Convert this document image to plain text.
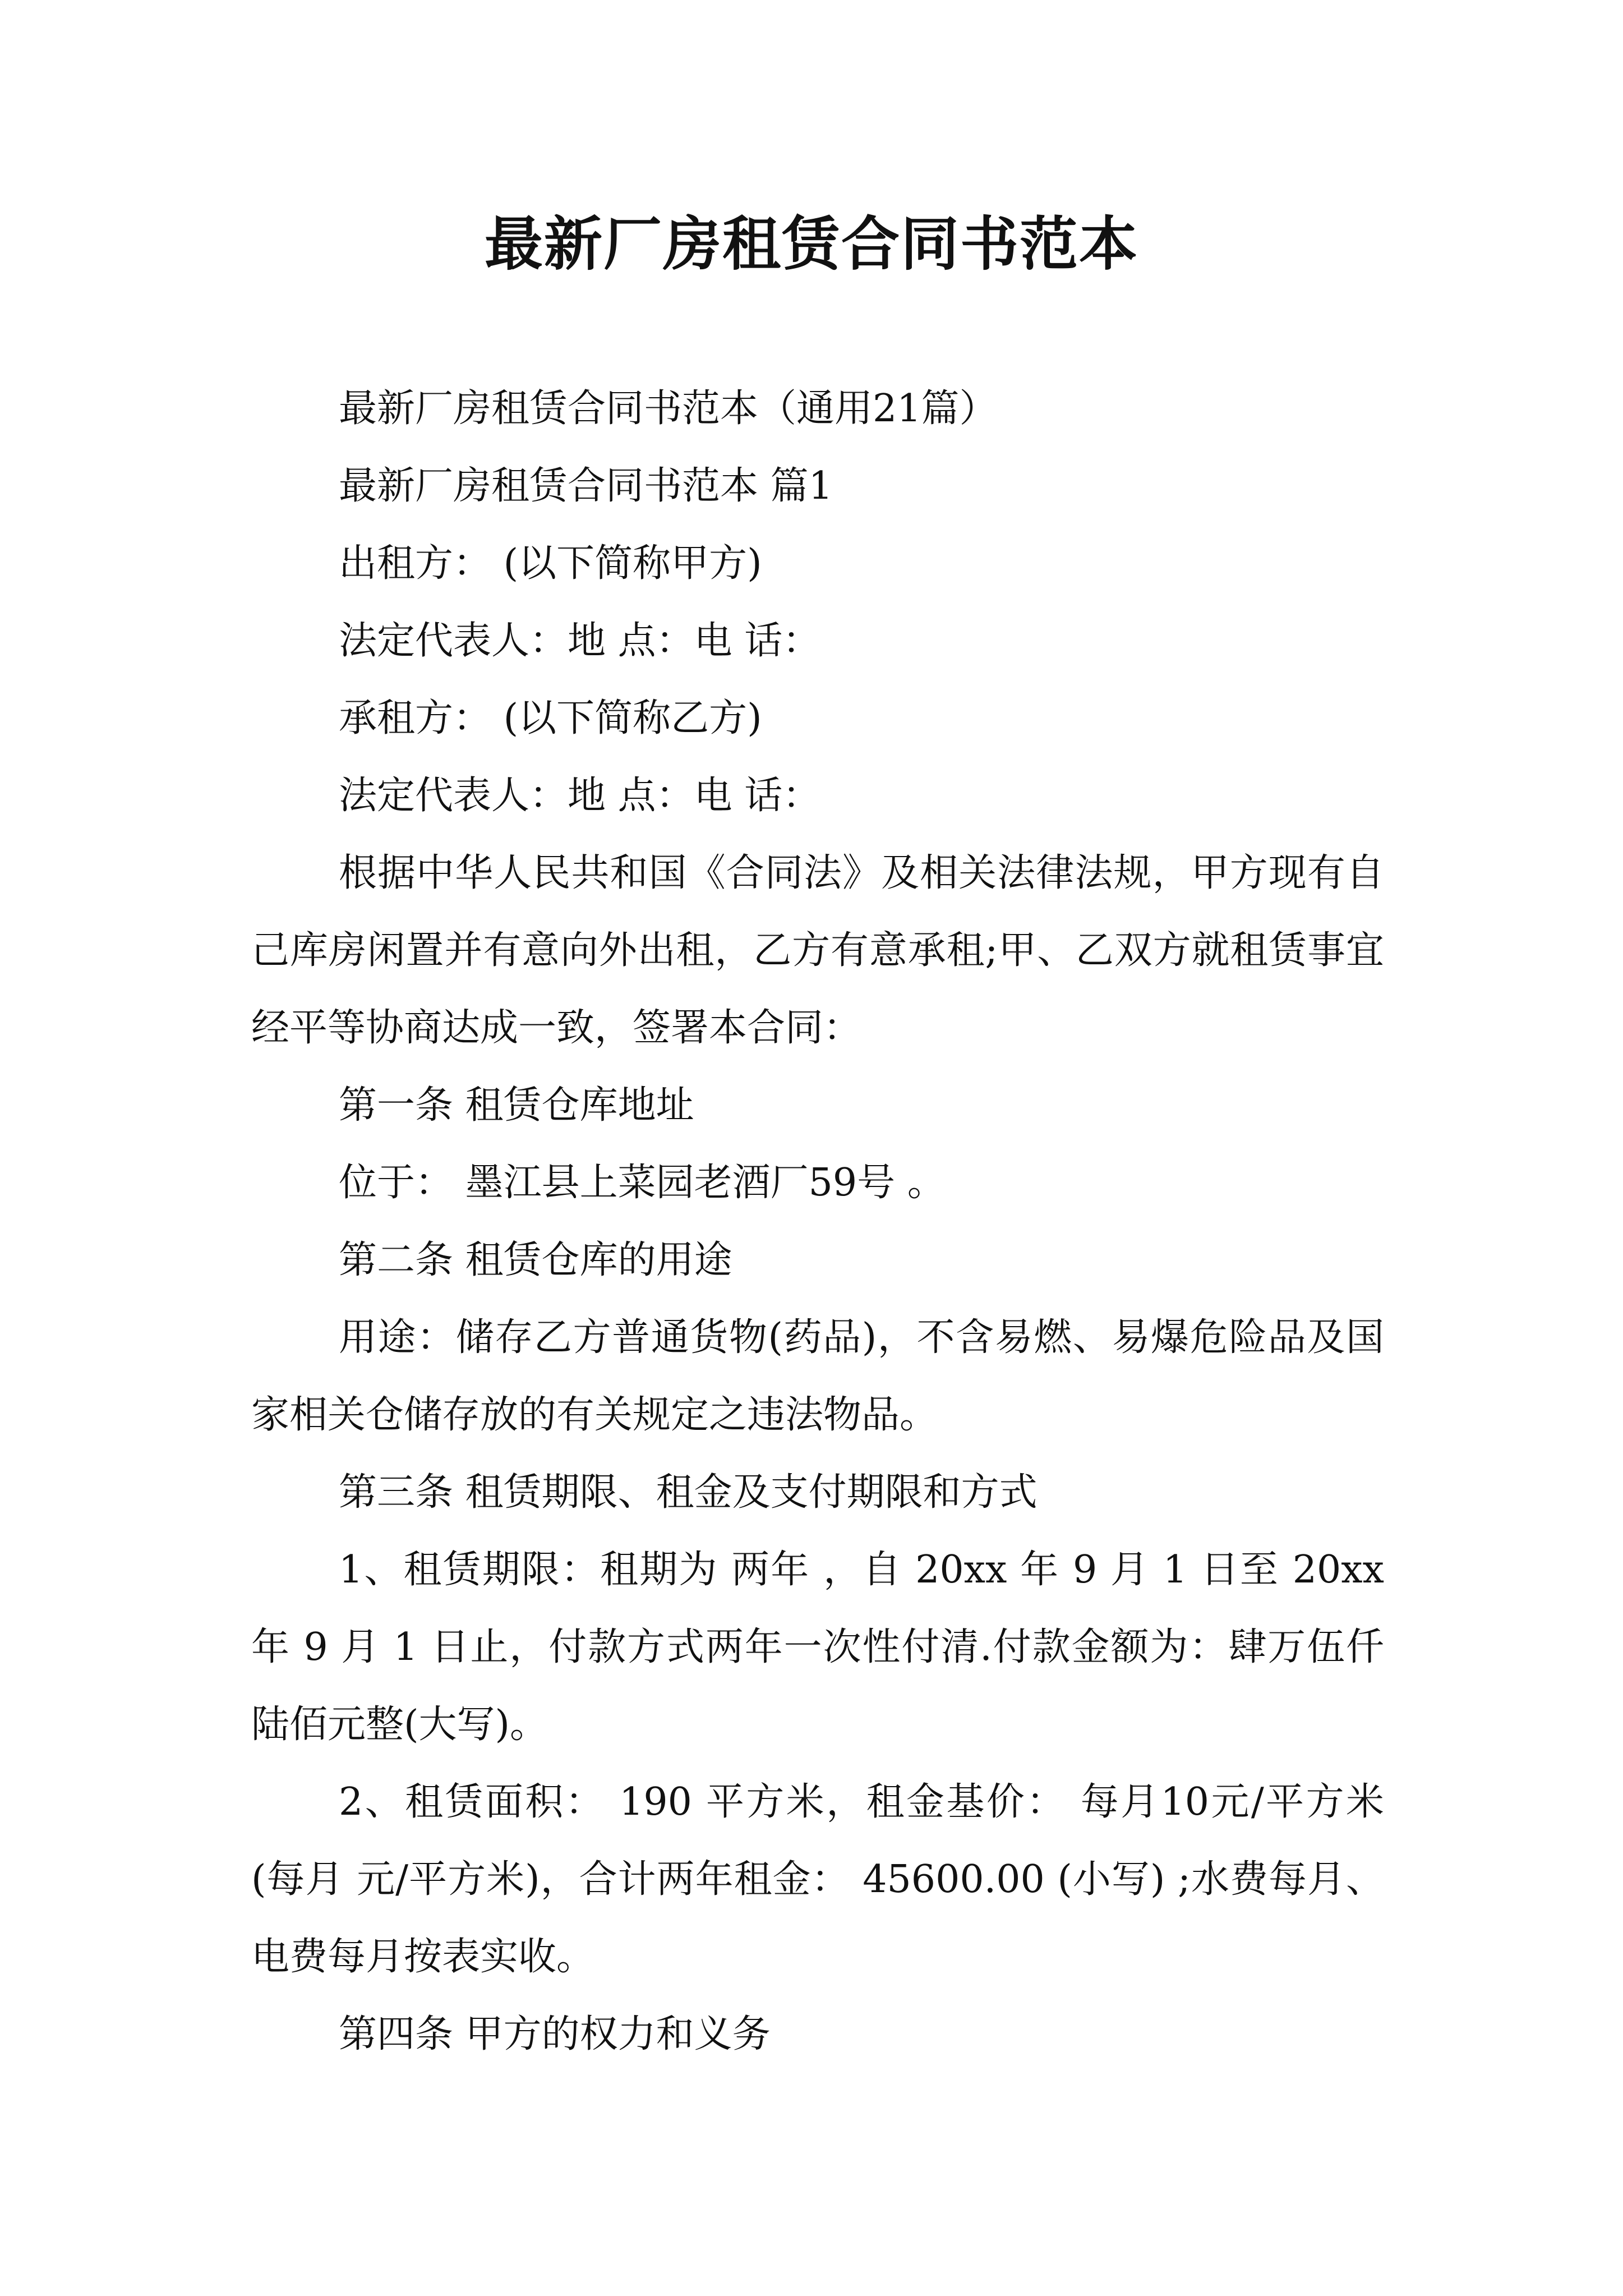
最新厂房租赁合同书范本

最新厂房租赁合同书范本（通用21篇）

最新厂房租赁合同书范本 篇1

出租方： (以下简称甲方)

法定代表人：地 点：电 话：

承租方： (以下简称乙方)

法定代表人：地 点：电 话：

根据中华人民共和国《合同法》及相关法律法规，甲方现有自己库房闲置并有意向外出租，乙方有意承租;甲、乙双方就租赁事宜经平等协商达成一致，签署本合同：

第一条 租赁仓库地址

位于： 墨江县上菜园老酒厂59号 。

第二条 租赁仓库的用途

用途：储存乙方普通货物(药品)，不含易燃、易爆危险品及国家相关仓储存放的有关规定之违法物品。

第三条 租赁期限、租金及支付期限和方式

1、租赁期限：租期为 两年 ，自 20xx 年 9 月 1 日至 20xx 年 9 月 1 日止，付款方式两年一次性付清.付款金额为：肆万伍仟陆佰元整(大写)。

2、租赁面积： 190 平方米，租金基价： 每月10元/平方米 (每月 元/平方米)，合计两年租金： 45600.00 (小写) ;水费每月、电费每月按表实收。

第四条 甲方的权力和义务
